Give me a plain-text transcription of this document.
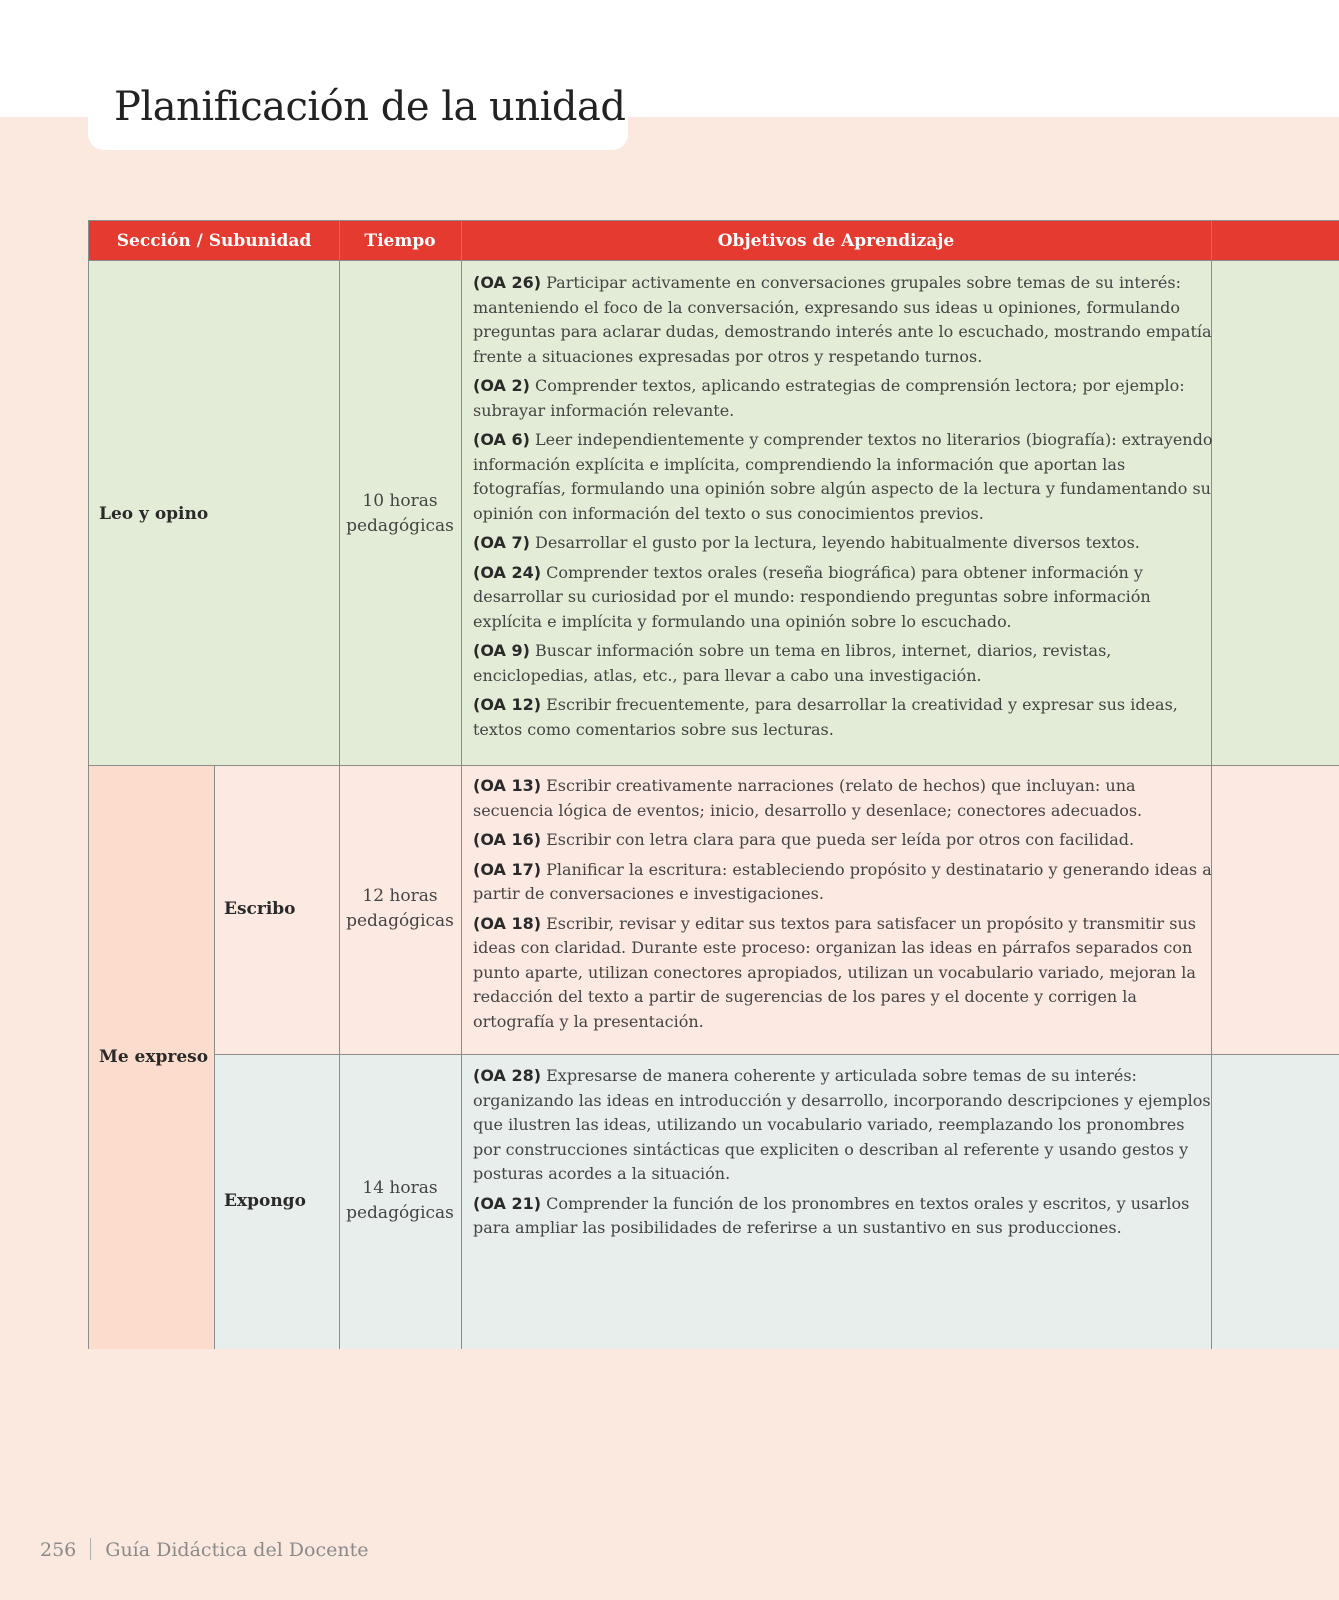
Planificación de la unidad
Sección / Subunidad	Tiempo	Objetivos de Aprendizaje
Leo y opino
10 horas
pedagógicas

(OA 26) Participar activamente en conversaciones grupales sobre temas de su interés: manteniendo el foco de la conversación, expresando sus ideas u opiniones, formulando preguntas para aclarar dudas, demostrando interés ante lo escuchado, mostrando empatía frente a situaciones expresadas por otros y respetando turnos.

(OA 2) Comprender textos, aplicando estrategias de comprensión lectora; por ejemplo: subrayar información relevante.

(OA 6) Leer independientemente y comprender textos no literarios (biografía): extrayendo información explícita e implícita, comprendiendo la información que aportan las fotografías, formulando una opinión sobre algún aspecto de la lectura y fundamentando su opinión con información del texto o sus conocimientos previos.

(OA 7) Desarrollar el gusto por la lectura, leyendo habitualmente diversos textos.

(OA 24) Comprender textos orales (reseña biográfica) para obtener información y desarrollar su curiosidad por el mundo: respondiendo preguntas sobre información explícita e implícita y formulando una opinión sobre lo escuchado.

(OA 9) Buscar información sobre un tema en libros, internet, diarios, revistas, enciclopedias, atlas, etc., para llevar a cabo una investigación.

(OA 12) Escribir frecuentemente, para desarrollar la creatividad y expresar sus ideas, textos como comentarios sobre sus lecturas.

Me expreso
Escribo
12 horas
pedagógicas

(OA 13) Escribir creativamente narraciones (relato de hechos) que incluyan: una secuencia lógica de eventos; inicio, desarrollo y desenlace; conectores adecuados.

(OA 16) Escribir con letra clara para que pueda ser leída por otros con facilidad.

(OA 17) Planificar la escritura: estableciendo propósito y destinatario y generando ideas a partir de conversaciones e investigaciones.

(OA 18) Escribir, revisar y editar sus textos para satisfacer un propósito y transmitir sus ideas con claridad. Durante este proceso: organizan las ideas en párrafos separados con punto aparte, utilizan conectores apropiados, utilizan un vocabulario variado, mejoran la redacción del texto a partir de sugerencias de los pares y el docente y corrigen la ortografía y la presentación.

Expongo
14 horas
pedagógicas

(OA 28) Expresarse de manera coherente y articulada sobre temas de su interés: organizando las ideas en introducción y desarrollo, incorporando descripciones y ejemplos que ilustren las ideas, utilizando un vocabulario variado, reemplazando los pronombres por construcciones sintácticas que expliciten o describan al referente y usando gestos y posturas acordes a la situación.

(OA 21) Comprender la función de los pronombres en textos orales y escritos, y usarlos para ampliar las posibilidades de referirse a un sustantivo en sus producciones.

256 Guía Didáctica del Docente
